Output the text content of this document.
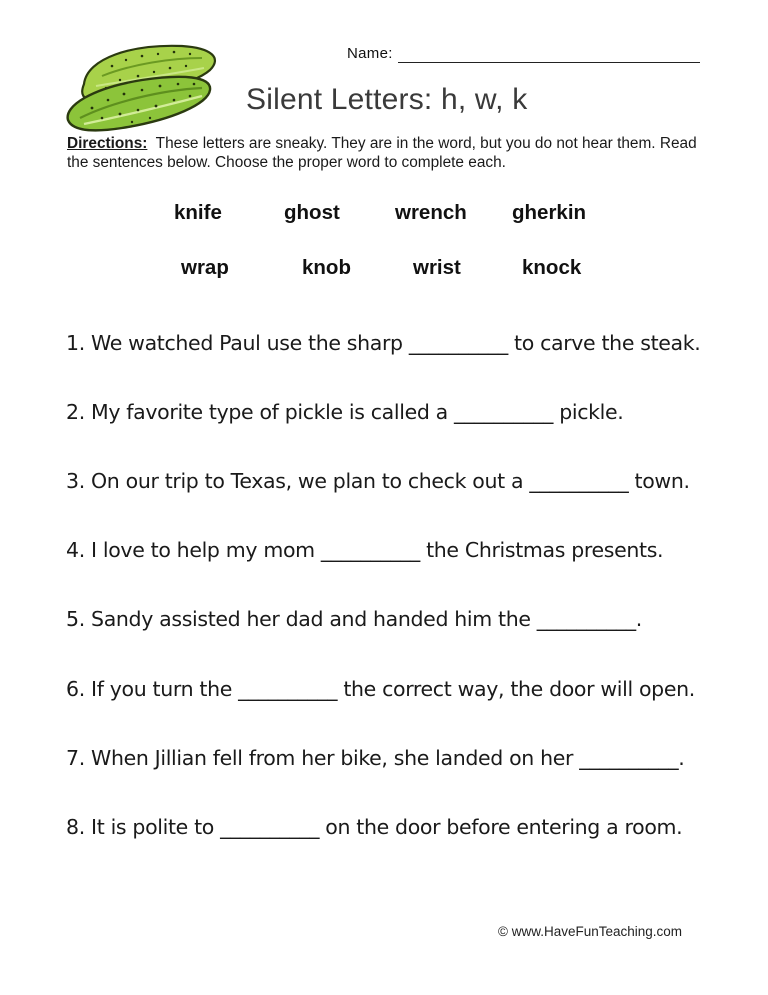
Name:
Silent Letters: h, w, k
Directions: These letters are sneaky. They are in the word, but you do not hear them. Read the sentences below. Choose the proper word to complete each.
knife	ghost	wrench gherkin
wrap	knob	wrist	knock
1. We watched Paul use the sharp __________ to carve the steak.
2. My favorite type of pickle is called a __________ pickle.
3. On our trip to Texas, we plan to check out a __________ town.
4. I love to help my mom __________ the Christmas presents.
5. Sandy assisted her dad and handed him the __________.
6. If you turn the __________ the correct way, the door will open.
7. When Jillian fell from her bike, she landed on her __________.
8. It is polite to __________ on the door before entering a room.
© www.HaveFunTeaching.com
